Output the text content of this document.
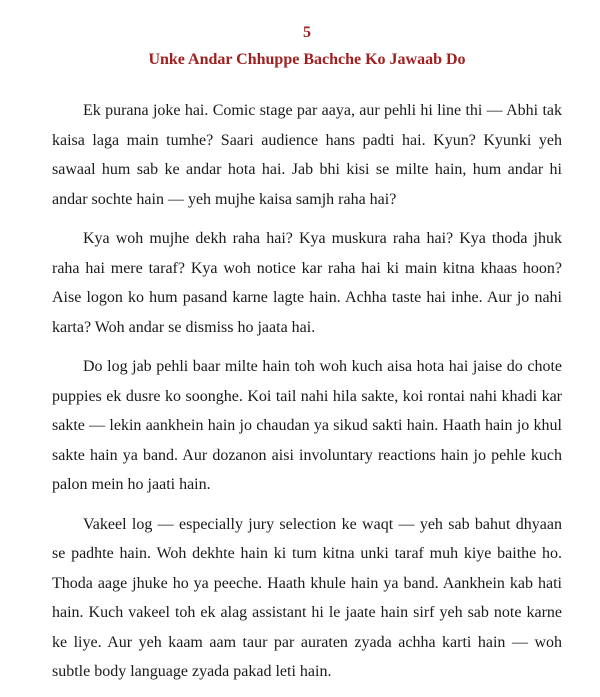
5
Unke Andar Chhuppe Bachche Ko Jawaab Do

Ek purana joke hai. Comic stage par aaya, aur pehli hi line thi — Abhi tak kaisa laga main tumhe? Saari audience hans padti hai. Kyun? Kyunki yeh sawaal hum sab ke andar hota hai. Jab bhi kisi se milte hain, hum andar hi andar sochte hain — yeh mujhe kaisa samjh raha hai?

Kya woh mujhe dekh raha hai? Kya muskura raha hai? Kya thoda jhuk raha hai mere taraf? Kya woh notice kar raha hai ki main kitna khaas hoon? Aise logon ko hum pasand karne lagte hain. Achha taste hai inhe. Aur jo nahi karta? Woh andar se dismiss ho jaata hai.

Do log jab pehli baar milte hain toh woh kuch aisa hota hai jaise do chote puppies ek dusre ko soonghe. Koi tail nahi hila sakte, koi rontai nahi khadi kar sakte — lekin aankhein hain jo chaudan ya sikud sakti hain. Haath hain jo khul sakte hain ya band. Aur dozanon aisi involuntary reactions hain jo pehle kuch palon mein ho jaati hain.

Vakeel log — especially jury selection ke waqt — yeh sab bahut dhyaan se padhte hain. Woh dekhte hain ki tum kitna unki taraf muh kiye baithe ho. Thoda aage jhuke ho ya peeche. Haath khule hain ya band. Aankhein kab hati hain. Kuch vakeel toh ek alag assistant hi le jaate hain sirf yeh sab note karne ke liye. Aur yeh kaam aam taur par auraten zyada achha karti hain — woh subtle body language zyada pakad leti hain.
